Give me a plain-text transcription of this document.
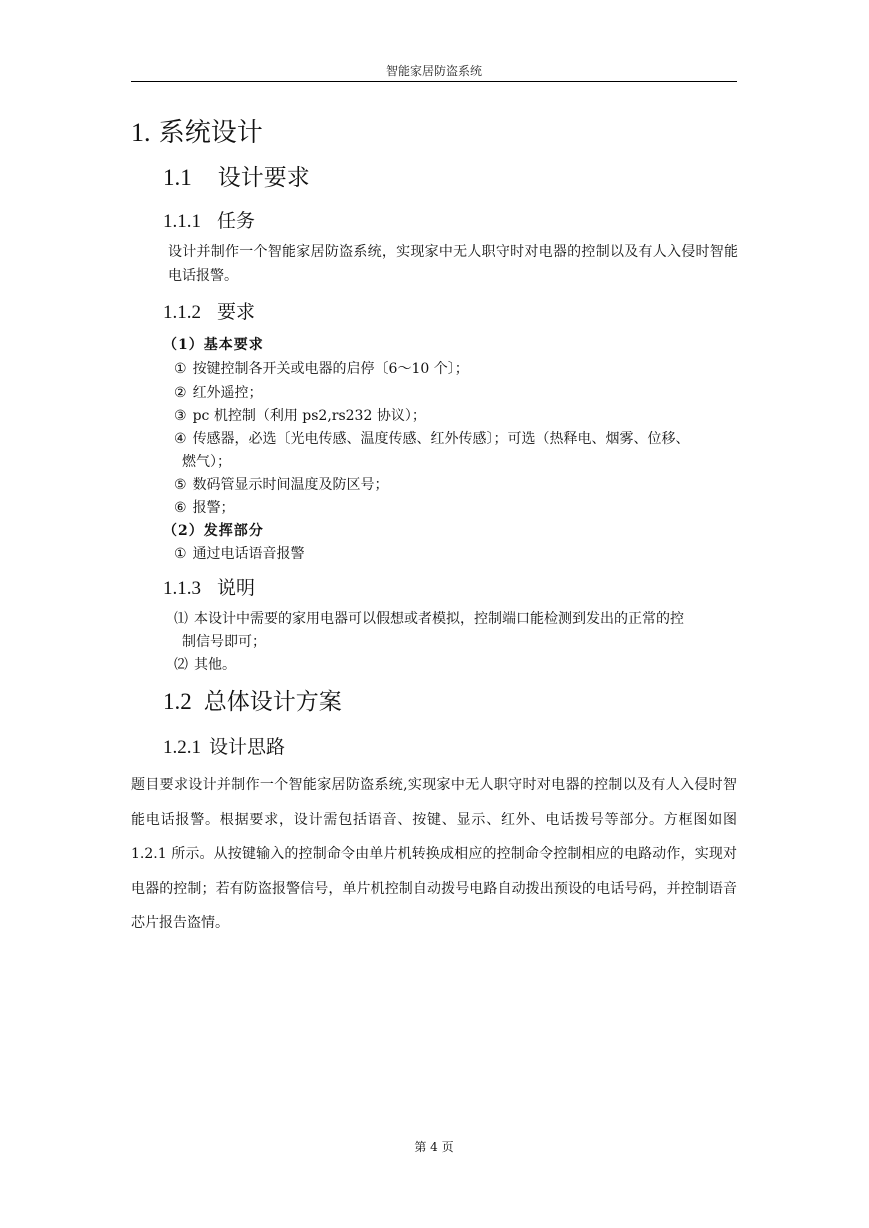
智能家居防盗系统
1. 系统设计
1.1 设计要求
1.1.1 任务
设计并制作一个智能家居防盗系统，实现家中无人职守时对电器的控制以及有人入侵时智能电话报警。
1.1.2 要求
（1）基本要求
① 按键控制各开关或电器的启停〔6～10 个〕；
② 红外遥控；
③ pc 机控制（利用 ps2,rs232 协议）；
④ 传感器，必选〔光电传感、温度传感、红外传感〕；可选（热释电、烟雾、位移、
燃气）；
⑤ 数码管显示时间温度及防区号；
⑥ 报警；
（2）发挥部分
① 通过电话语音报警
1.1.3 说明
⑴ 本设计中需要的家用电器可以假想或者模拟，控制端口能检测到发出的正常的控
制信号即可；
⑵ 其他。
1.2 总体设计方案
1.2.1 设计思路
题目要求设计并制作一个智能家居防盗系统,实现家中无人职守时对电器的控制以及有人入侵时智能电话报警。根据要求，设计需包括语音、按键、显示、红外、电话拨号等部分。方框图如图 1.2.1 所示。从按键输入的控制命令由单片机转换成相应的控制命令控制相应的电路动作，实现对电器的控制；若有防盗报警信号，单片机控制自动拨号电路自动拨出预设的电话号码，并控制语音芯片报告盗情。
第 4 页
